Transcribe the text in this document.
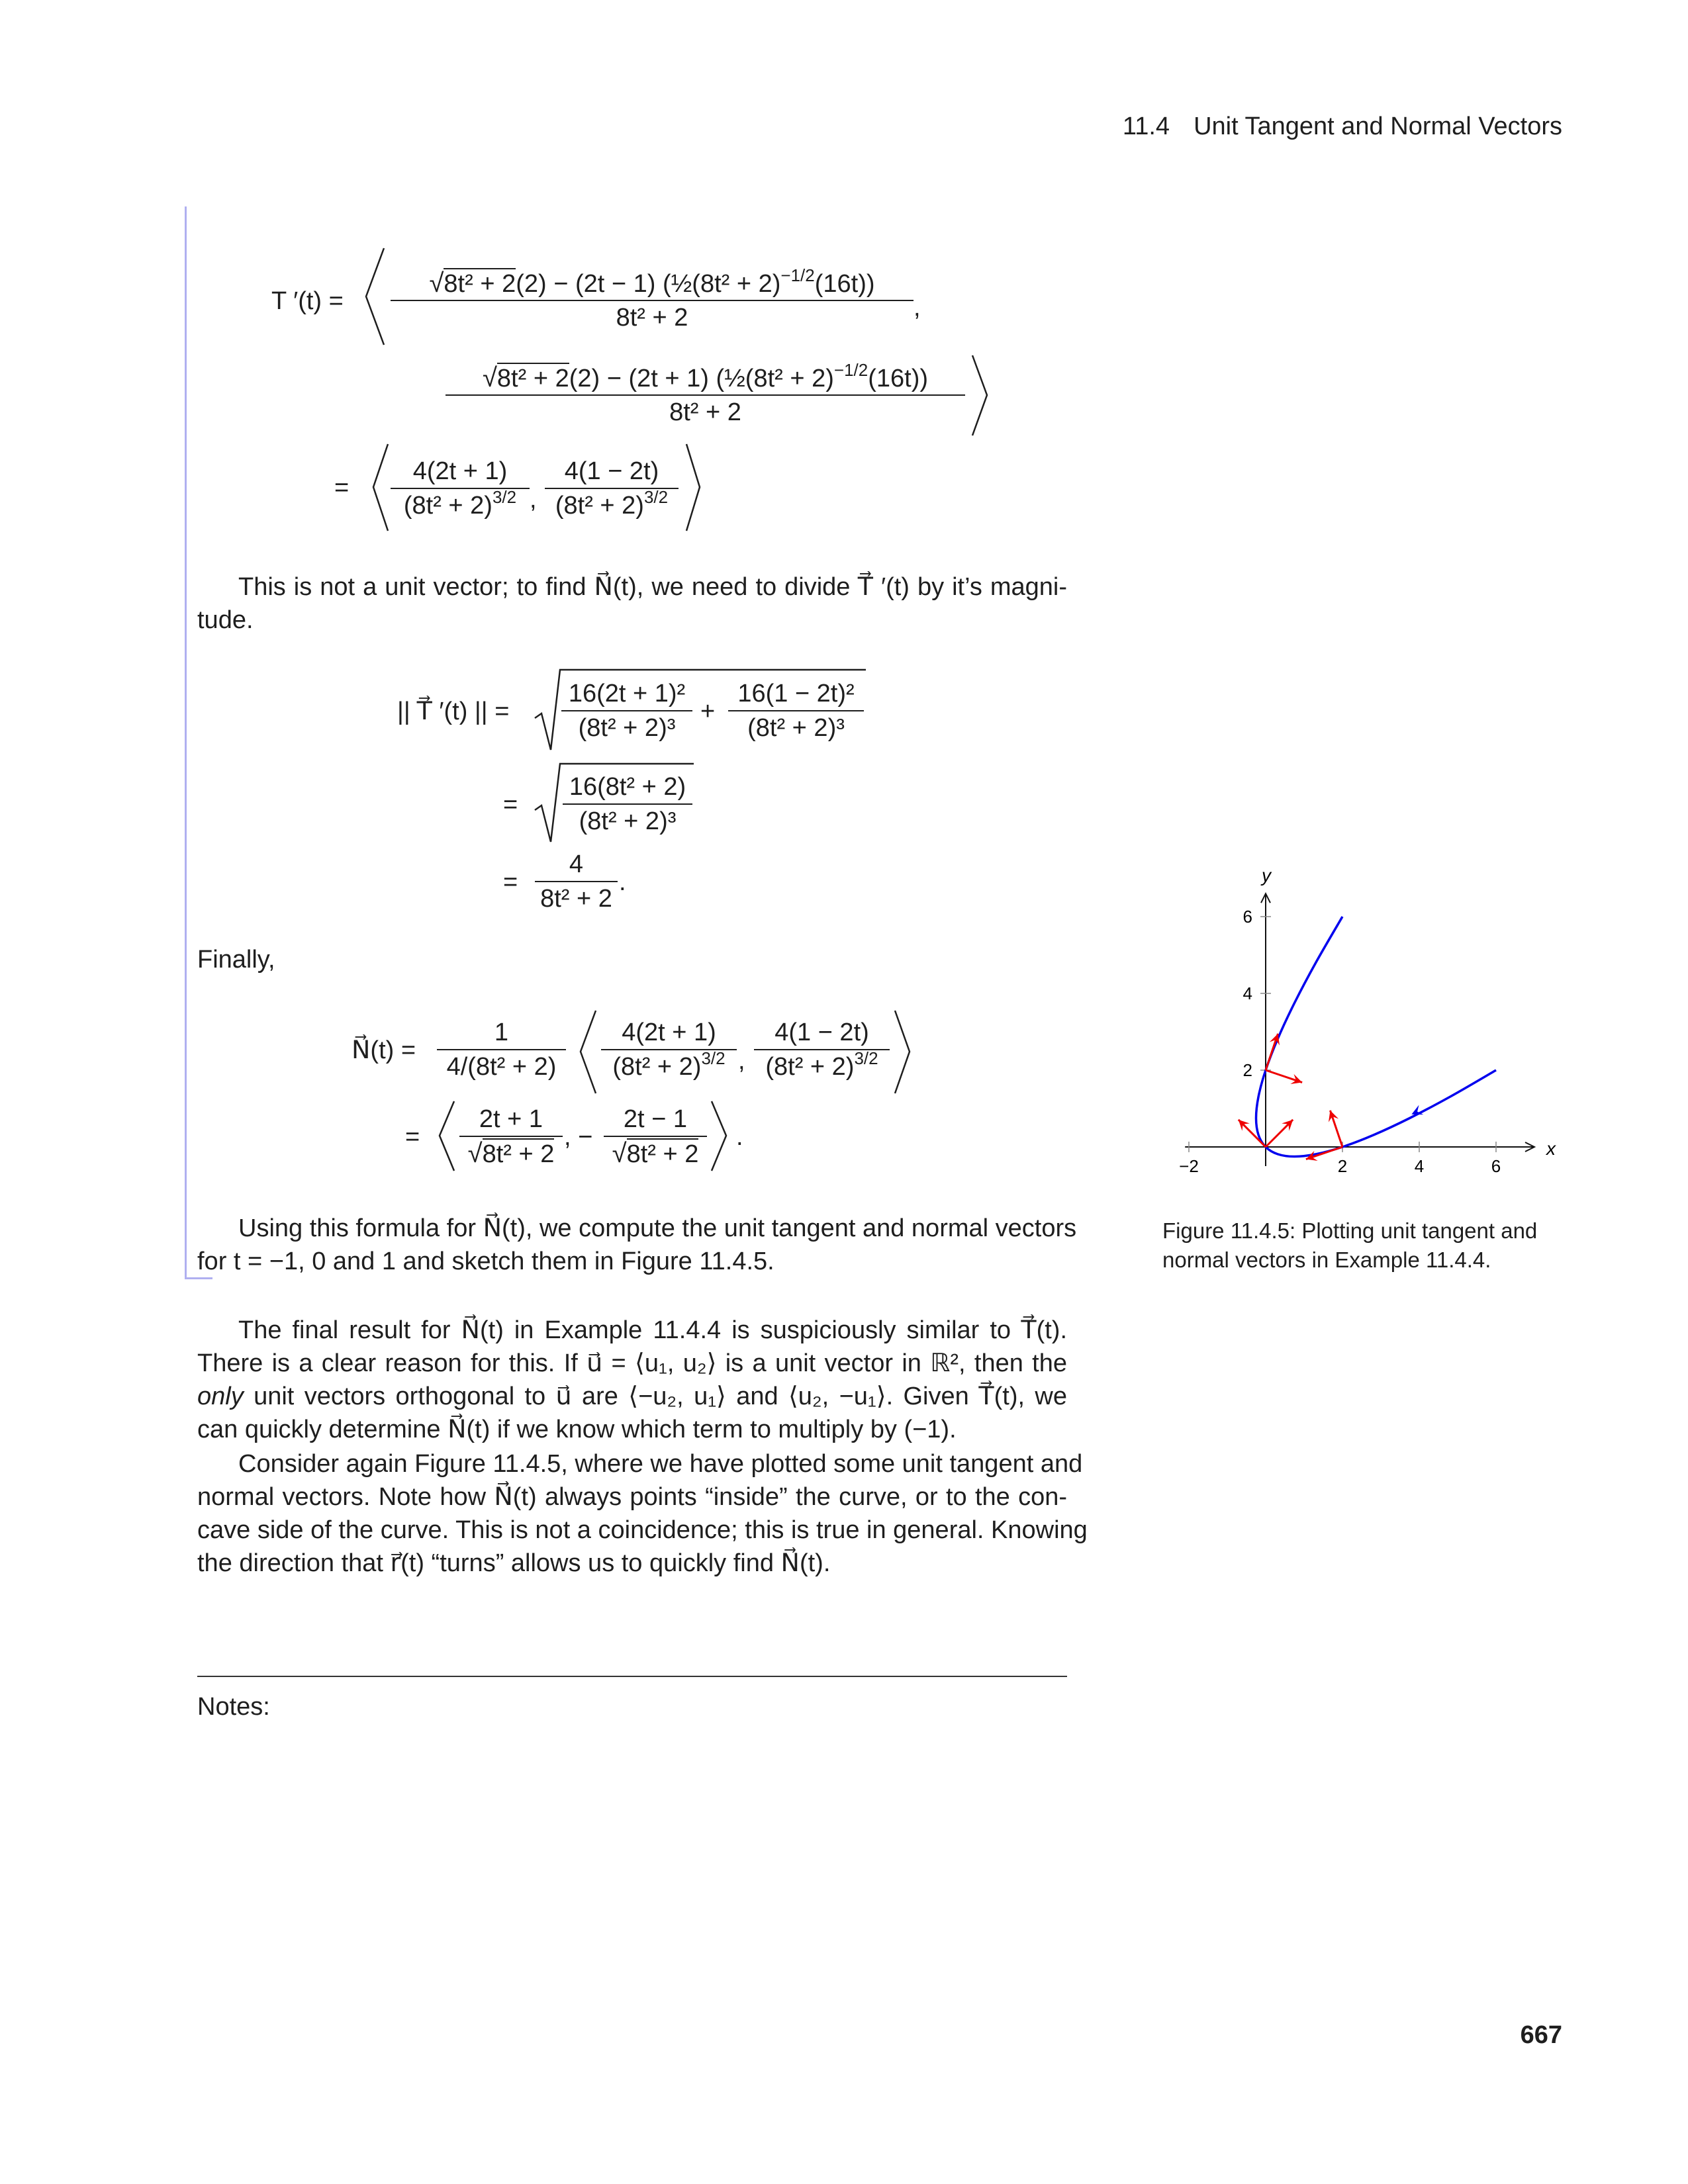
11.4 Unit Tangent and Normal Vectors
T ′(t) =
√8t² + 2(2) − (2t − 1) (½(8t² + 2)$^{-1/2}$(16t))
8t² + 2	,
√8t² + 2(2) − (2t + 1) (½(8t² + 2)$^{-1/2}$(16t))
8t² + 2
=
4(2t + 1)
$(8t^2 + 2)^{3/2}$ ,
4(1 − 2t)
$(8t^2 + 2)^{3/2}$
This is not a unit vector; to find N⃗(t), we need to divide T⃗ ′(t) by it’s magni-
tude.
|| T⃗ ′(t) || =
16(2t + 1)²
(8t² + 2)³
+
16(1 − 2t)²
(8t² + 2)³
=
16(8t² + 2)
(8t² + 2)³
=
4
8t² + 2
.
Finally,
N⃗(t) =
1
4/(8t² + 2)
4(2t + 1)
$(8t^2 + 2)^{3/2}$ ,
4(1 − 2t)
$(8t^2 + 2)^{3/2}$
=
2t + 1
√8t² + 2
, −
2t − 1
√8t² + 2
.
Using this formula for N⃗(t), we compute the unit tangent and normal vectors
for t = −1, 0 and 1 and sketch them in Figure 11.4.5.
The final result for N⃗(t) in Example 11.4.4 is suspiciously similar to T⃗(t).
There is a clear reason for this. If u⃗ = ⟨u₁, u₂⟩ is a unit vector in ℝ², then the
only unit vectors orthogonal to u⃗ are ⟨−u₂, u₁⟩ and ⟨u₂, −u₁⟩. Given T⃗(t), we
can quickly determine N⃗(t) if we know which term to multiply by (−1).
Consider again Figure 11.4.5, where we have plotted some unit tangent and
normal vectors. Note how N⃗(t) always points “inside” the curve, or to the con-
cave side of the curve. This is not a coincidence; this is true in general. Knowing
the direction that r⃗(t) “turns” allows us to quickly find N⃗(t).
Notes:
667
x
y
−2	2	4	6
2
4
6
Figure 11.4.5: Plotting unit tangent and
normal vectors in Example 11.4.4.
